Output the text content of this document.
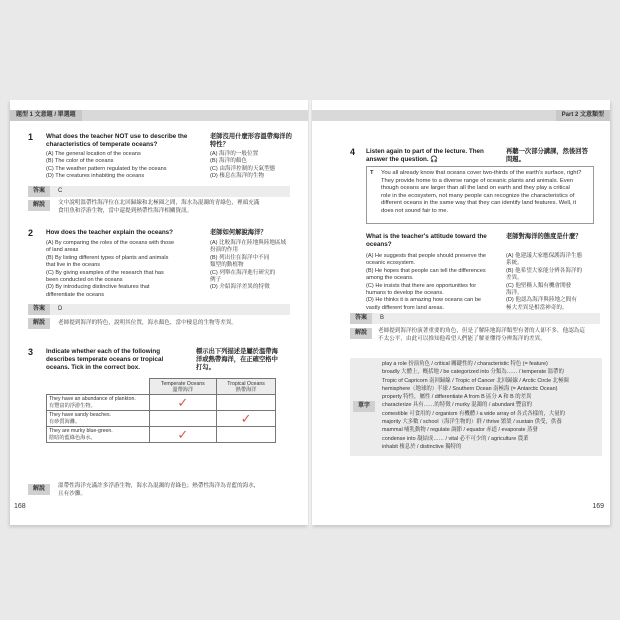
題型 1 文意題 / 單選題
1 What does the teacher NOT use to describe the
characteristics of temperate oceans?
老師沒用什麼形容溫帶海洋的
特性？
(A) The general location of the oceans
(B) The color of the oceans
(C) The weather pattern regulated by the oceans
(D) The creatures inhabiting the oceans
(A) 海洋的一般位置
(B) 海洋的顏色
(C) 由海洋控制的天氣型態
(D) 棲息在海洋的生物
答案	C
解說	文中說明溫帶性海洋位在北回歸線和北極圈之間，海水為混濁的青綠色，裡頭充滿
食用魚和浮游生物，當中還提到熱帶性海洋相關資訊。
2 How does the teacher explain the oceans?	老師如何解說海洋？
(A) By comparing the roles of the oceans with those
of land areas
(B) By listing different types of plants and animals
that live in the oceans
(C) By giving examples of the research that has
been conducted on the oceans
(D) By introducing distinctive features that
differentiate the oceans
(A) 比較海洋在陸地與陸地區域
扮演的作用
(B) 列出住在海洋中不同
類型的動植物
(C) 列舉在海洋進行研究的
例子
(D) 介紹海洋差異的特徵
答案	D
解說	老師提到海洋的特色，說明其位置，海水顏色，當中棲息的生物等差異。
3 Indicate whether each of the following
describes temperate oceans or tropical
oceans. Tick in the correct box.
標示出下列描述是屬於溫帶海
洋或熱帶海洋，在正確空格中
打勾。

	Temperate Oceans
溫帶海洋	Tropical Oceans
熱帶海洋

They have an abundance of plankton.
有豐富的浮游生物。	✓	

They have sandy beaches.
有砂質海灘。		✓

They are murky blue-green.
陰暗的藍綠色海水。	✓	
解說	溫帶性海洋充滿許多浮游生物，海水為混濁的青綠色；熱帶性海洋為青藍的海水，
且有沙灘。
168
Part 2 文意類型
4 Listen again to part of the lecture. Then
answer the question. 🎧
再聽一次部分講課，然後回答
問題。
T You all already know that oceans cover two-thirds of the earth's surface, right?
They provide home to a diverse range of oceanic plants and animals. Even
though oceans are larger than all the land on earth and they play a critical
role in the ecosystem, not many people can recognize the characteristics of
different oceans in the same way that they can identify land features. Well, it
does not sound fair to me.
What is the teacher's attitude toward the
oceans?
老師對海洋的態度是什麼？
(A) He suggests that people should preserve the
oceanic ecosystem.
(B) He hopes that people can tell the differences
among the oceans.
(C) He insists that there are opportunities for
humans to develop the oceans.
(D) He thinks it is amazing how oceans can be
vastly different from land areas.
(A) 他建議大家應保護海洋生態
系統。
(B) 他希望大家能分辨各海洋的
差異。
(C) 他堅稱人類有機會開發
海洋。
(D) 他認為海洋與陸地之間有
極大差異是相當神奇的。
答案	B
解說	老師提到海洋扮演著重要的角色，但是了解陸地海洋類型有著的人卻不多，他認為這
不太公平，由此可以推知他希望人們能了解並懂得分辨海洋的差異。
單字
play a role 扮演角色 / critical 關鍵性的 / characteristic 特色 (= feature)
broadly 大體上，概括地 / be categorized into 分類為…… / temperate 溫帶的
Tropic of Capricorn 南回歸線 / Tropic of Cancer 北回歸線 / Arctic Circle 北極圈
hemisphere（地球的）半球 / Southern Ocean 南極海 (= Antarctic Ocean)
property 特性，屬性 / differentiate A from B 區分 A 和 B 的差異
characterize 具有……的特徵 / murky 混濁的 / abundant 豐富的
comestible 可食用的 / organism 有機體 / a wide array of 各式各樣的，大量的
majority 大多數 / school（海洋生物的）群 / thrive 繁榮 / sustain 供受，供養
mammal 哺乳動物 / regulate 調節 / equator 赤道 / evaporate 蒸發
condense into 凝結成…… / vital 必不可少的 / agriculture 農業
inhabit 棲息於 / distinctive 獨特的
169
